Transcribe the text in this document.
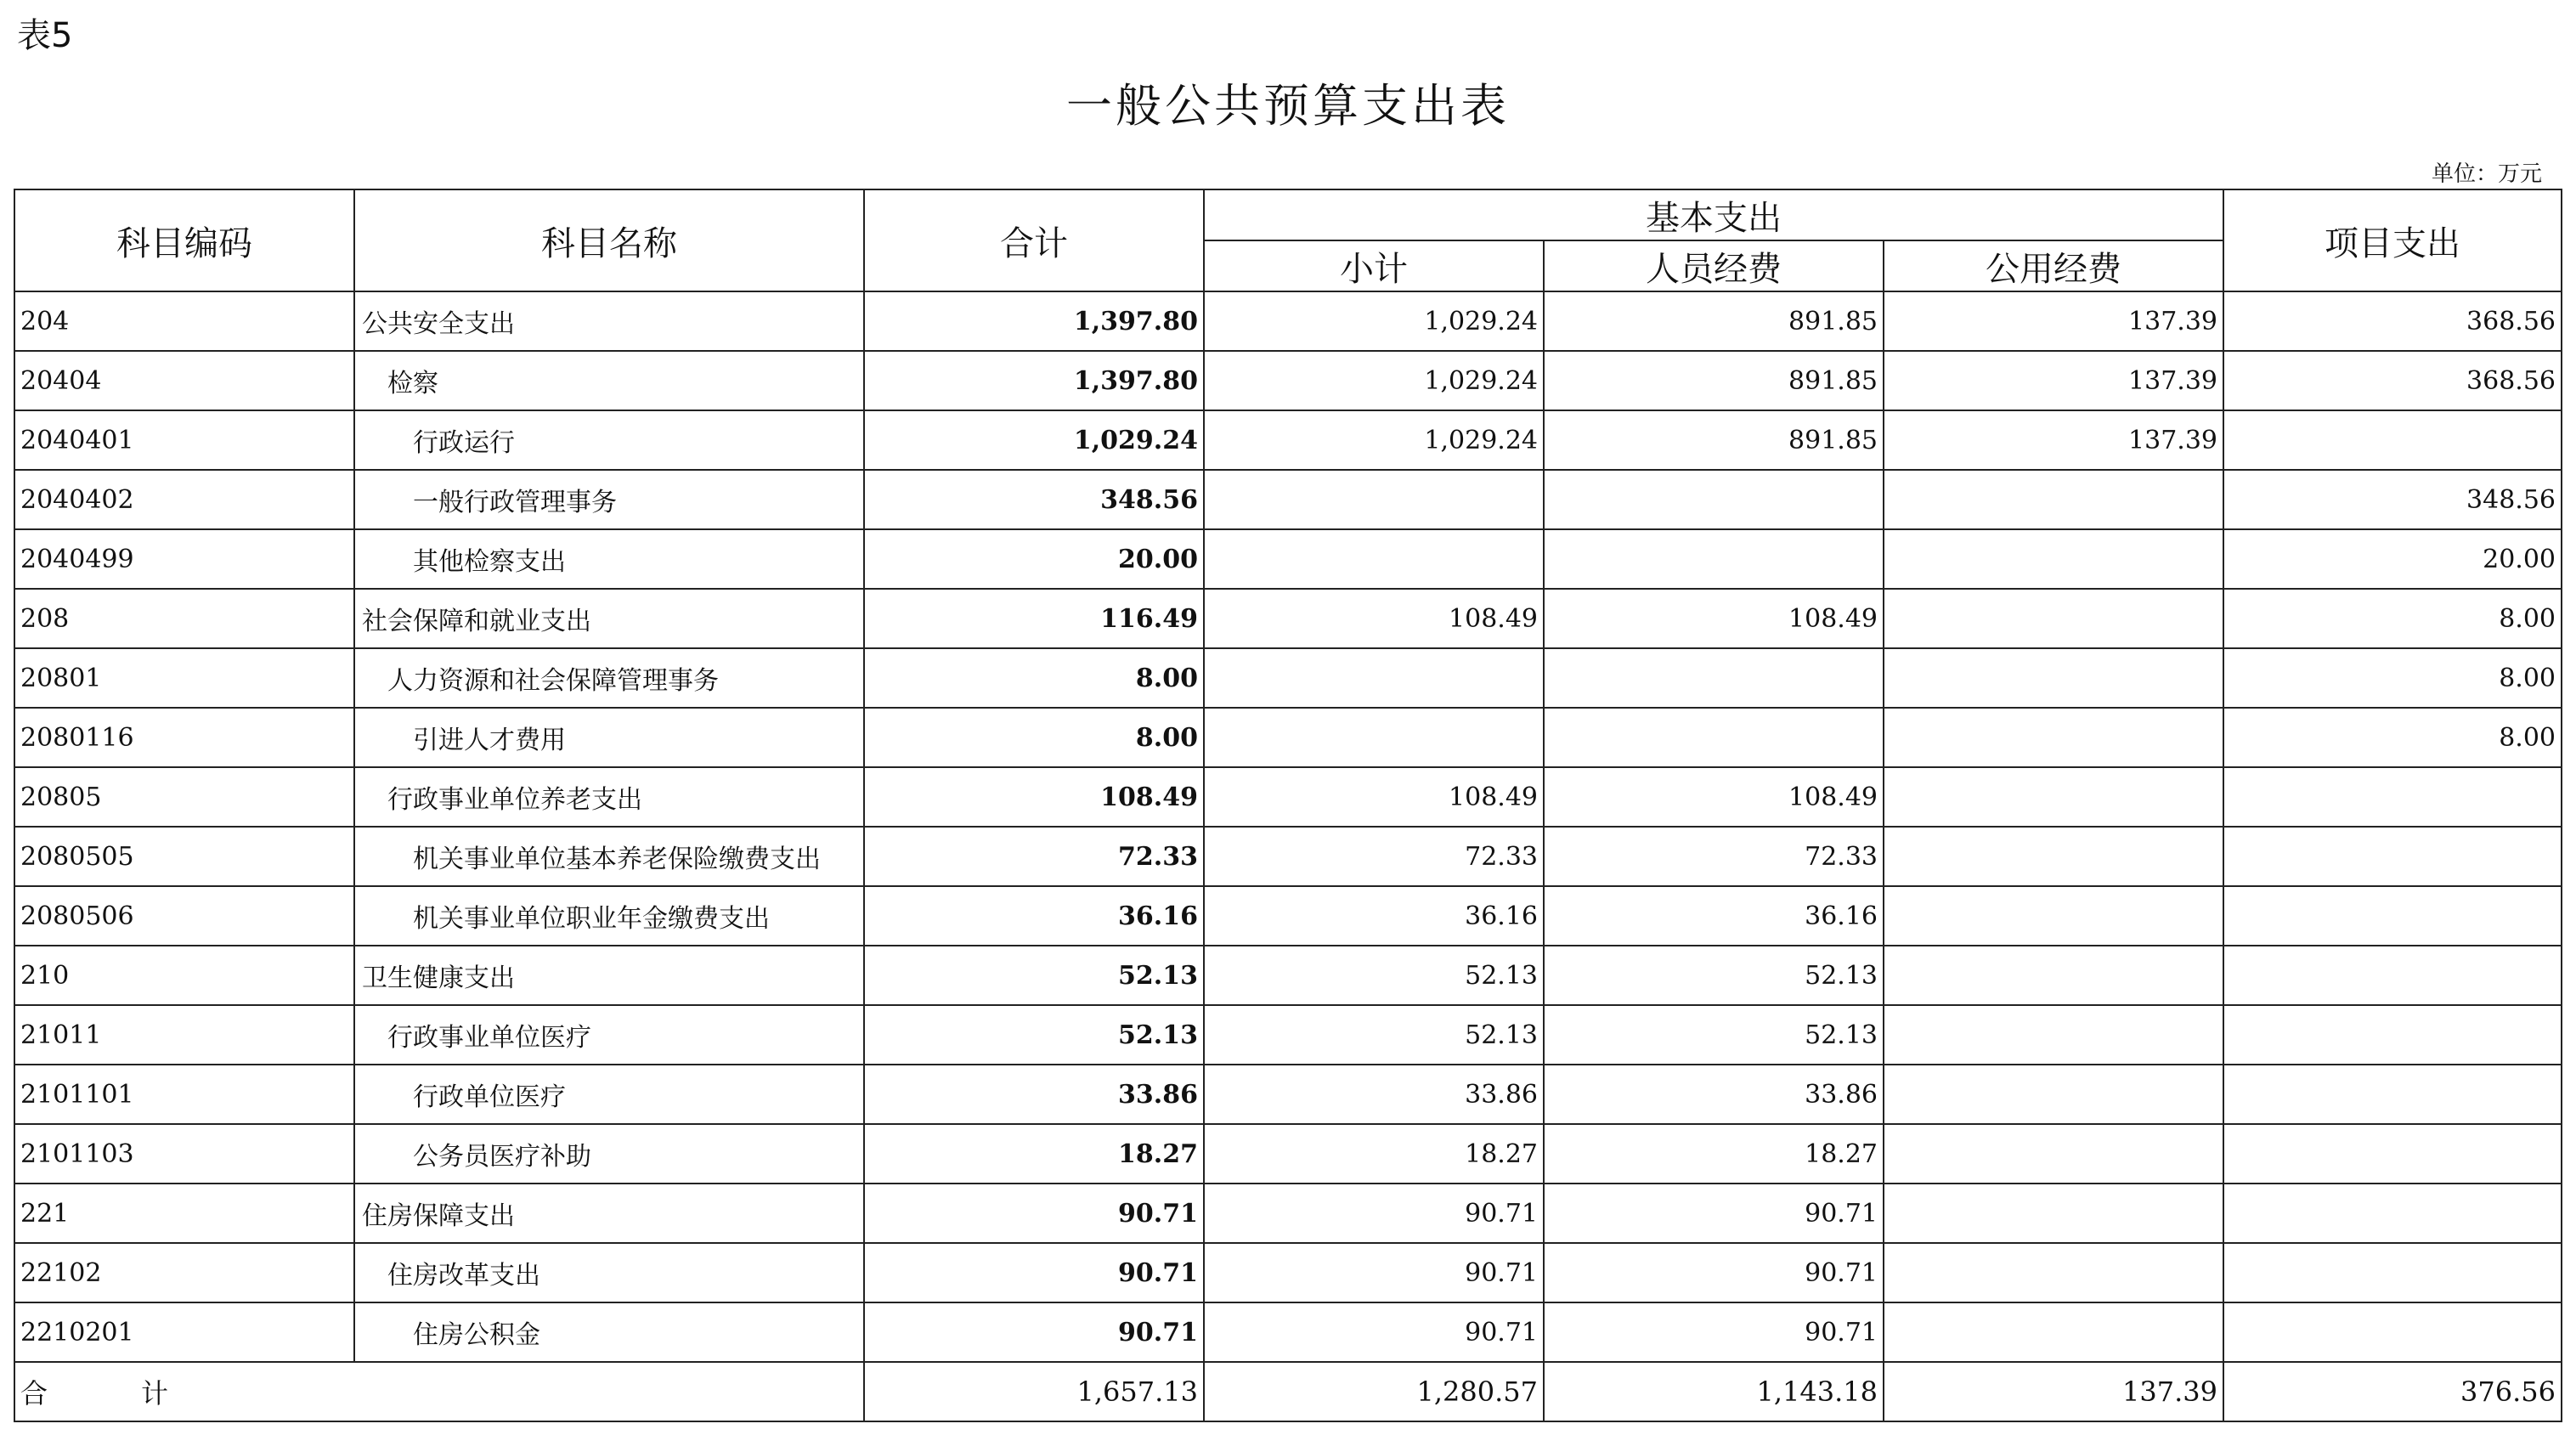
表5
一般公共预算支出表
单位：万元
科目编码	科目名称	合计	基本支出			项目支出
			小计	人员经费	公用经费	
204	公共安全支出	1,397.80	1,029.24	891.85	137.39	368.56
20404	检察	1,397.80	1,029.24	891.85	137.39	368.56
2040401	行政运行	1,029.24	1,029.24	891.85	137.39	
2040402	一般行政管理事务	348.56				348.56
2040499	其他检察支出	20.00				20.00
208	社会保障和就业支出	116.49	108.49	108.49		8.00
20801	人力资源和社会保障管理事务	8.00				8.00
2080116	引进人才费用	8.00				8.00
20805	行政事业单位养老支出	108.49	108.49	108.49		
2080505	机关事业单位基本养老保险缴费支出	72.33	72.33	72.33		
2080506	机关事业单位职业年金缴费支出	36.16	36.16	36.16		
210	卫生健康支出	52.13	52.13	52.13		
21011	行政事业单位医疗	52.13	52.13	52.13		
2101101	行政单位医疗	33.86	33.86	33.86		
2101103	公务员医疗补助	18.27	18.27	18.27		
221	住房保障支出	90.71	90.71	90.71		
22102	住房改革支出	90.71	90.71	90.71		
2210201	住房公积金	90.71	90.71	90.71		
合 计		1,657.13	1,280.57	1,143.18	137.39	376.56
